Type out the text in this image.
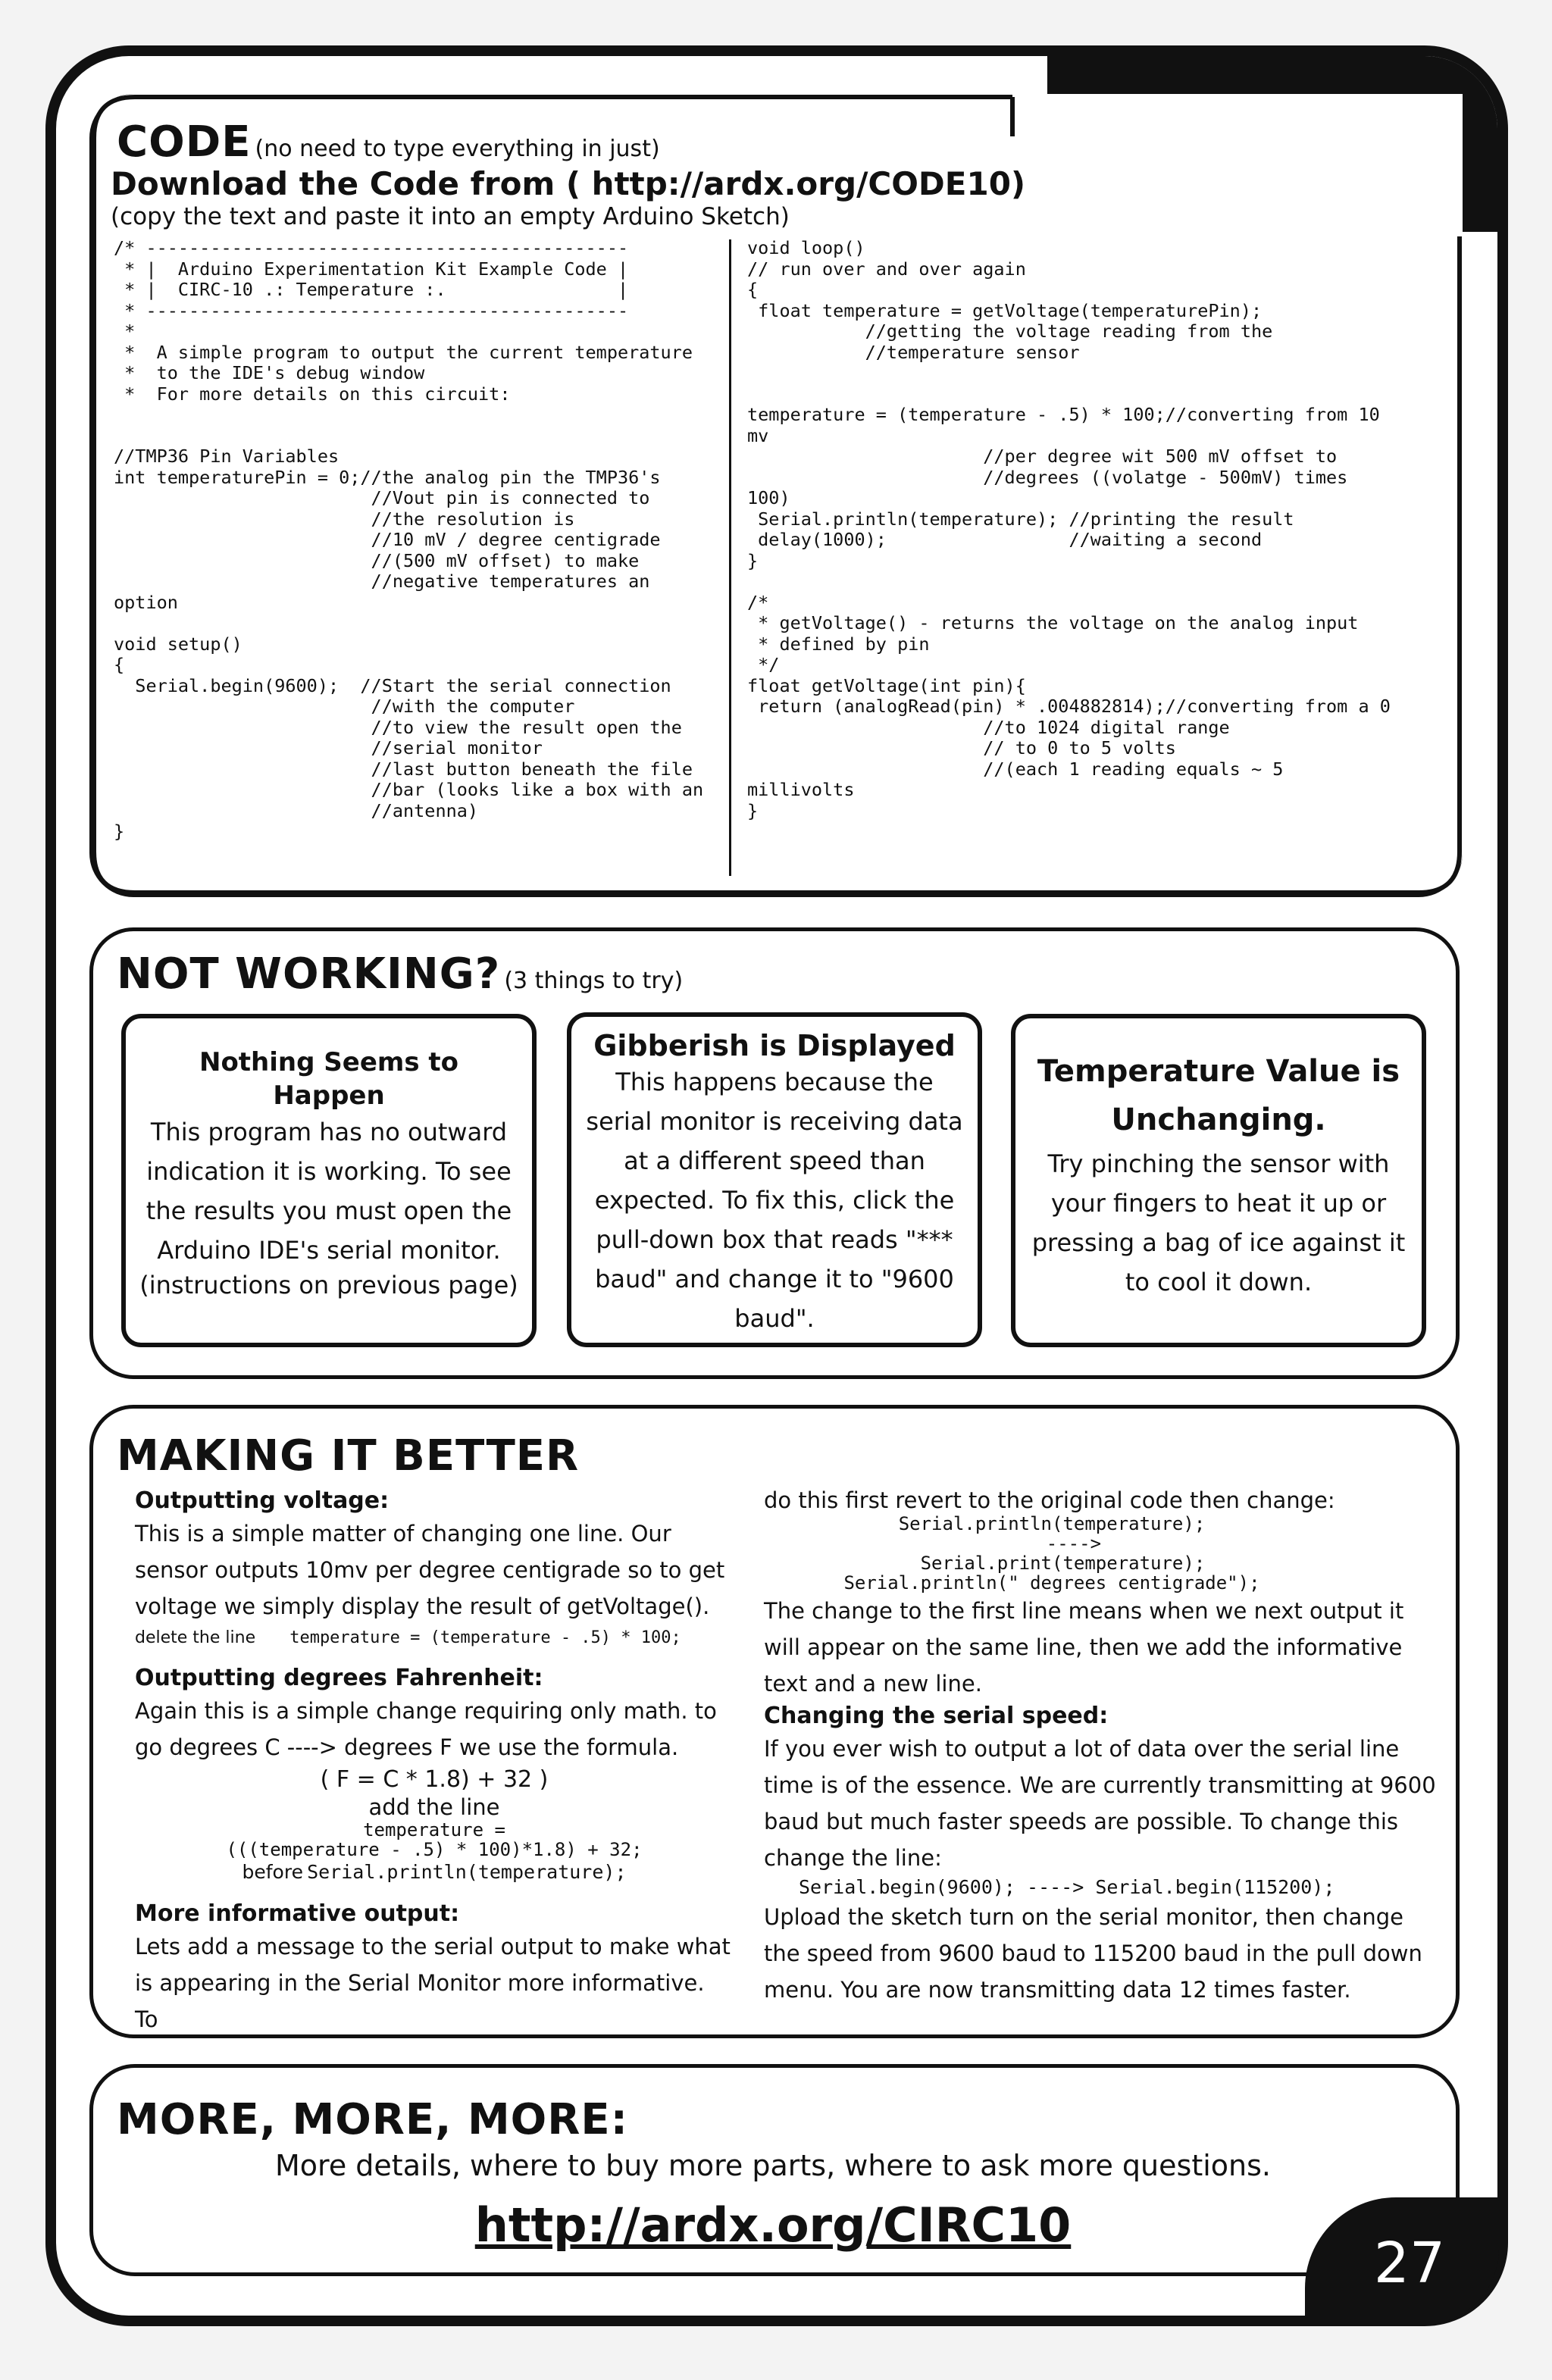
CODE (no need to type everything in just)
Download the Code from ( http://ardx.org/CODE10)
(copy the text and paste it into an empty Arduino Sketch)
/* ---------------------------------------------
* |  Arduino Experimentation Kit Example Code |
* |  CIRC-10 .: Temperature :.                |
* ---------------------------------------------
*
*  A simple program to output the current temperature
*  to the IDE's debug window
*  For more details on this circuit:

//TMP36 Pin Variables
int temperaturePin = 0;//the analog pin the TMP36's
//Vout pin is connected to
//the resolution is
//10 mV / degree centigrade
//(500 mV offset) to make
//negative temperatures an
option

void setup()
{
Serial.begin(9600);  //Start the serial connection
//with the computer
//to view the result open the
//serial monitor
//last button beneath the file
//bar (looks like a box with an
//antenna)
}
void loop()
// run over and over again
{
float temperature = getVoltage(temperaturePin);
//getting the voltage reading from the
//temperature sensor

temperature = (temperature - .5) * 100;//converting from 10
mv
//per degree wit 500 mV offset to
//degrees ((volatge - 500mV) times
100)
Serial.println(temperature); //printing the result
delay(1000);                 //waiting a second
}

/*
* getVoltage() - returns the voltage on the analog input
* defined by pin
*/
float getVoltage(int pin){
return (analogRead(pin) * .004882814);//converting from a 0
//to 1024 digital range
// to 0 to 5 volts
//(each 1 reading equals ~ 5
millivolts
}
NOT WORKING? (3 things to try)
Nothing Seems to Happen
This program has no outward indication it is working. To see the results you must open the Arduino IDE's serial monitor.
(instructions on previous page)
Gibberish is Displayed
This happens because the serial monitor is receiving data at a different speed than expected. To fix this, click the pull-down box that reads "*** baud" and change it to "9600 baud".
Temperature Value is Unchanging.
Try pinching the sensor with your fingers to heat it up or pressing a bag of ice against it to cool it down.
MAKING IT BETTER
Outputting voltage:
This is a simple matter of changing one line. Our sensor outputs 10mv per degree centigrade so to get voltage we simply display the result of getVoltage().
delete the line temperature = (temperature - .5) * 100;
Outputting degrees Fahrenheit:
Again this is a simple change requiring only math. to go degrees C ----> degrees F we use the formula.
( F = C * 1.8) + 32 )
add the line
temperature =
(((temperature - .5) * 100)*1.8) + 32;
before Serial.println(temperature);
More informative output:
Lets add a message to the serial output to make what is appearing in the Serial Monitor more informative. To
do this first revert to the original code then change:
Serial.println(temperature);
---->
Serial.print(temperature);
Serial.println(" degrees centigrade");
The change to the first line means when we next output it will appear on the same line, then we add the informative text and a new line.
Changing the serial speed:
If you ever wish to output a lot of data over the serial line time is of the essence. We are currently transmitting at 9600 baud but much faster speeds are possible. To change this change the line:
Serial.begin(9600); ----> Serial.begin(115200);
Upload the sketch turn on the serial monitor, then change the speed from 9600 baud to 115200 baud in the pull down menu. You are now transmitting data 12 times faster.
MORE, MORE, MORE:
More details, where to buy more parts, where to ask more questions.
http://ardx.org/CIRC10
27
